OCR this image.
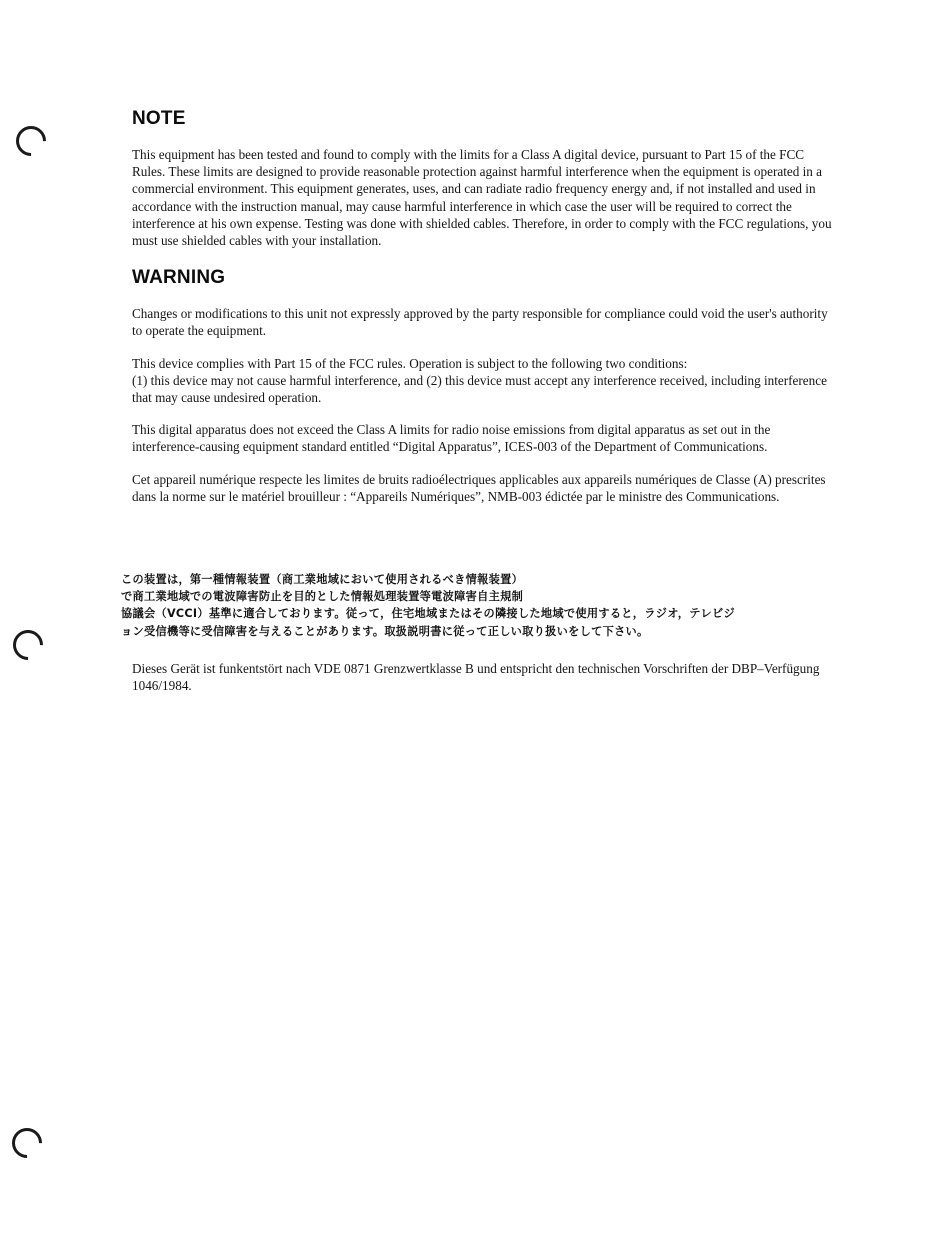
NOTE

This equipment has been tested and found to comply with the limits for a Class A digital device, pursuant to Part 15 of the FCC Rules. These limits are designed to provide reasonable protection against harmful interference when the equipment is operated in a commercial environment. This equipment generates, uses, and can radiate radio frequency energy and, if not installed and used in accordance with the instruction manual, may cause harmful interference in which case the user will be required to correct the interference at his own expense. Testing was done with shielded cables. Therefore, in order to comply with the FCC regulations, you must use shielded cables with your installation.

WARNING

Changes or modifications to this unit not expressly approved by the party responsible for compliance could void the user's authority to operate the equipment.

This device complies with Part 15 of the FCC rules. Operation is subject to the following two conditions:
(1) this device may not cause harmful interference, and (2) this device must accept any interference received, including interference that may cause undesired operation.

This digital apparatus does not exceed the Class A limits for radio noise emissions from digital apparatus as set out in the interference-causing equipment standard entitled “Digital Apparatus”, ICES-003 of the Department of Communications.

Cet appareil numérique respecte les limites de bruits radioélectriques applicables aux appareils numériques de Classe (A) prescrites dans la norme sur le matériel brouilleur : “Appareils Numériques”, NMB-003 édictée par le ministre des Communications.

この装置は，第一種情報装置（商工業地域において使用されるべき情報装置）
で商工業地域での電波障害防止を目的とした情報処理装置等電波障害自主規制
協議会（VCCI）基準に適合しております。従って，住宅地域またはその隣接した地域で使用すると，ラジオ，テレビジ
ョン受信機等に受信障害を与えることがあります。取扱説明書に従って正しい取り扱いをして下さい。

Dieses Gerät ist funkentstört nach VDE 0871 Grenzwertklasse B und entspricht den technischen Vorschriften der DBP–Verfügung 1046/1984.
